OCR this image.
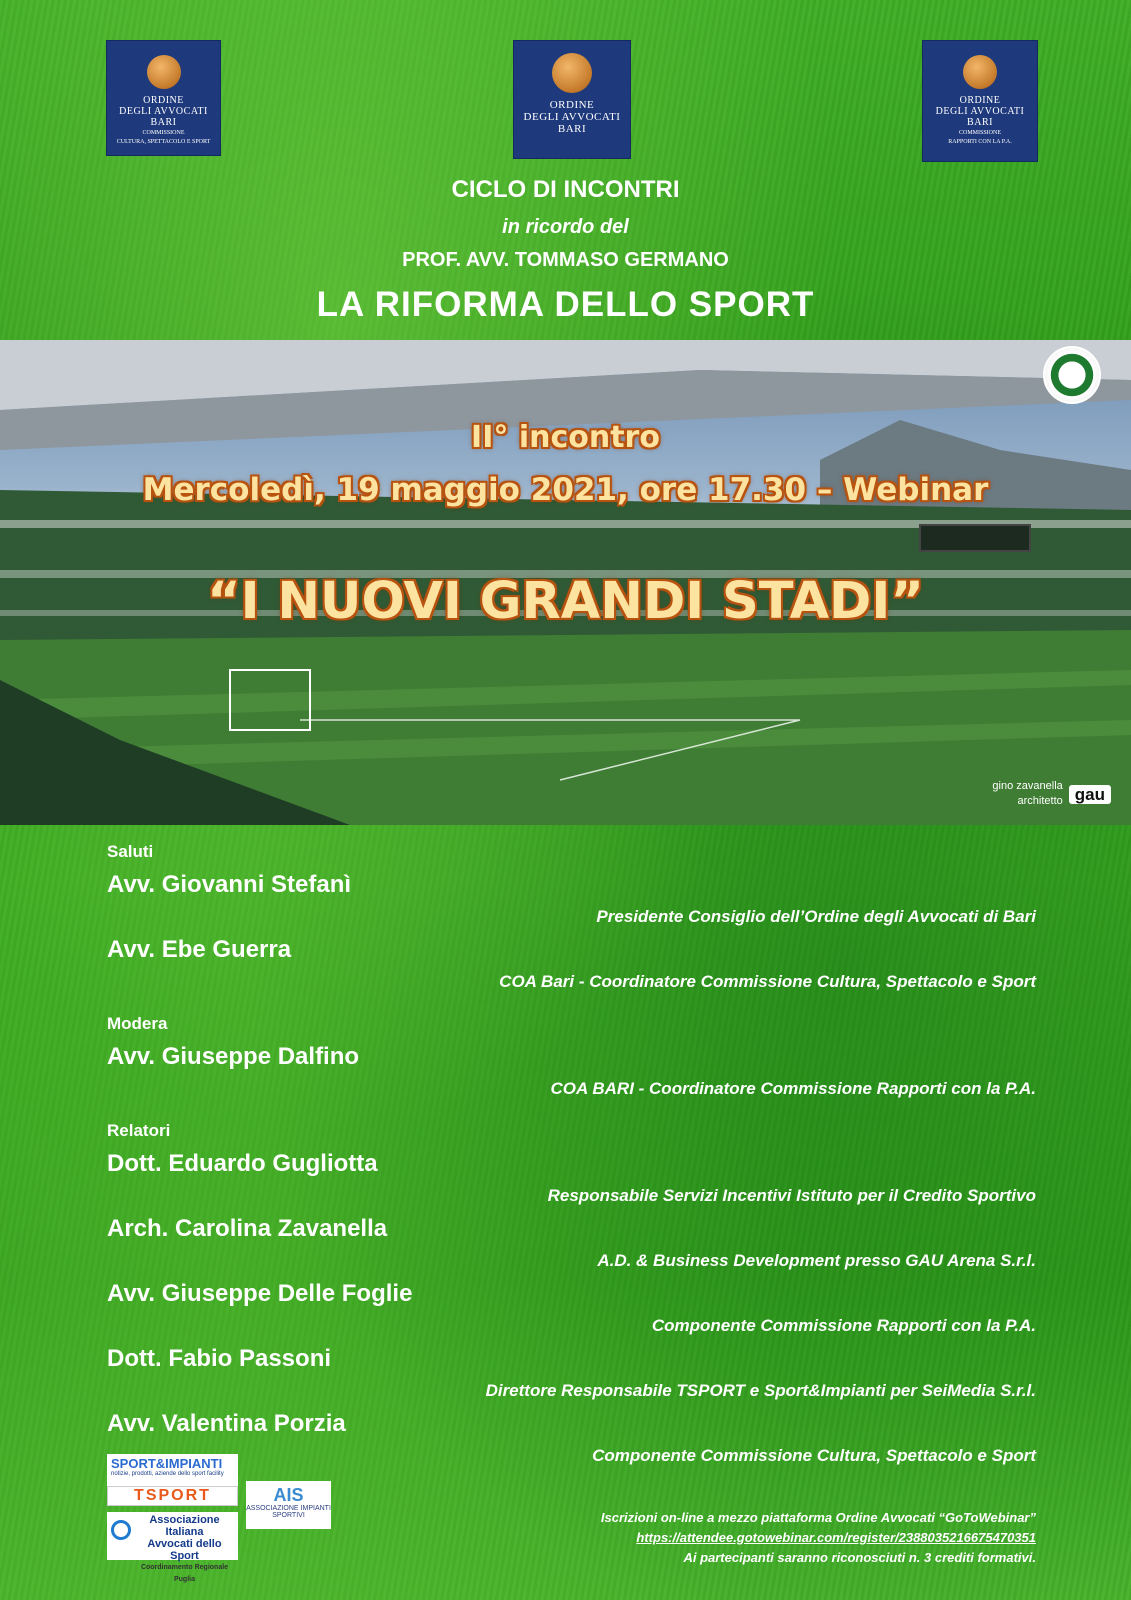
ORDINE
DEGLI AVVOCATI
BARI
COMMISSIONE
CULTURA, SPETTACOLO E SPORT
ORDINE
DEGLI AVVOCATI
BARI
ORDINE
DEGLI AVVOCATI
BARI
COMMISSIONE
RAPPORTI CON LA P.A.
CICLO DI INCONTRI
in ricordo del
PROF. AVV. TOMMASO GERMANO
LA RIFORMA DELLO SPORT
II° incontro
Mercoledì, 19 maggio 2021, ore 17.30 – Webinar
“I NUOVI GRANDI STADI”
gino zavanella
architetto gau
Saluti
Avv. Giovanni Stefanì
Presidente Consiglio dell’Ordine degli Avvocati di Bari
Avv. Ebe Guerra
COA Bari - Coordinatore Commissione Cultura, Spettacolo e Sport
Modera
Avv. Giuseppe Dalfino
COA BARI - Coordinatore Commissione Rapporti con la P.A.
Relatori
Dott. Eduardo Gugliotta
Responsabile Servizi Incentivi Istituto per il Credito Sportivo
Arch. Carolina Zavanella
A.D. & Business Development presso GAU Arena S.r.l.
Avv. Giuseppe Delle Foglie
Componente Commissione Rapporti con la P.A.
Dott. Fabio Passoni
Direttore Responsabile TSPORT e Sport&Impianti per SeiMedia S.r.l.
Avv. Valentina Porzia
Componente Commissione Cultura, Spettacolo e Sport
SPORT&IMPIANTI
notizie, prodotti, aziende dello sport facility
TSPORT	AIS
ASSOCIAZIONE IMPIANTI SPORTIVI
Associazione
Italiana
Avvocati dello Sport
Coordinamento Regionale Puglia
Iscrizioni on-line a mezzo piattaforma Ordine Avvocati “GoToWebinar”
https://attendee.gotowebinar.com/register/2388035216675470351
Ai partecipanti saranno riconosciuti n. 3 crediti formativi.
